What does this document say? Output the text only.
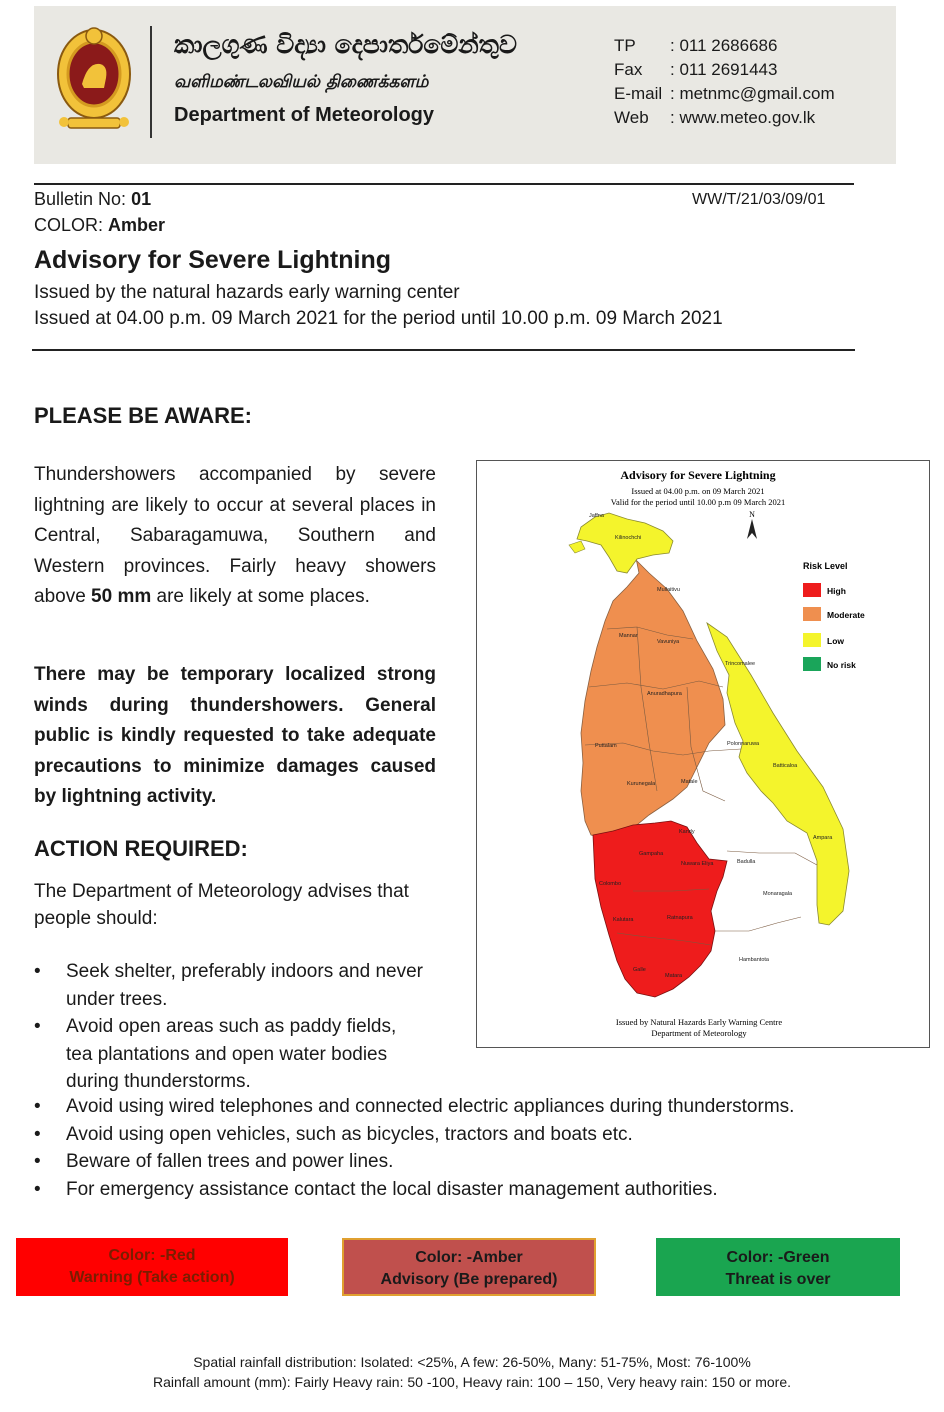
කාලගුණ විද්‍යා දෙපාර්තමේන්තුව
வளிமண்டலவியல் திணைக்களம்
Department of Meteorology
TP : 011 2686686
Fax : 011 2691443
E-mail : metnmc@gmail.com
Web : www.meteo.gov.lk
Bulletin No: 01
COLOR: Amber
WW/T/21/03/09/01
Advisory for Severe Lightning
Issued by the natural hazards early warning center
Issued at 04.00 p.m. 09 March 2021 for the period until 10.00 p.m. 09 March 2021
PLEASE BE AWARE:
Thundershowers accompanied by severe lightning are likely to occur at several places in Central, Sabaragamuwa, Southern and Western provinces. Fairly heavy showers above 50 mm are likely at some places.
There may be temporary localized strong winds during thundershowers. General public is kindly requested to take adequate precautions to minimize damages caused by lightning activity.
ACTION REQUIRED:
The Department of Meteorology advises that people should:
• Seek shelter, preferably indoors and never under trees.
• Avoid open areas such as paddy fields, tea plantations and open water bodies during thunderstorms.
• Avoid using wired telephones and connected electric appliances during thunderstorms.
• Avoid using open vehicles, such as bicycles, tractors and boats etc.
• Beware of fallen trees and power lines.
• For emergency assistance contact the local disaster management authorities.
Advisory for Severe Lightning
Issued at 04.00 p.m. on 09 March 2021
Valid for the period until 10.00 p.m 09 March 2021
N
Jaffna
Kilinochchi
Mullaitivu
Mannar
Vavuniya
Trincomalee
Anuradhapura
Puttalam	Polonnaruwa
Batticaloa
Kurunegala	Matale
Ampara
Kandy
Gampaha
Nuwara Eliya	Badulla
Colombo
Kalutara	Ratnapura
Monaragala
Hambantota
Galle
Matara
Risk Level
High
Moderate
Low
No risk
Issued by Natural Hazards Early Warning Centre
Department of Meteorology
Color: -Red
Warning (Take action)
Color: -Amber
Advisory (Be prepared)
Color: -Green
Threat is over
Spatial rainfall distribution: Isolated: <25%, A few: 26-50%, Many: 51-75%, Most: 76-100%
Rainfall amount (mm): Fairly Heavy rain: 50 -100, Heavy rain: 100 – 150, Very heavy rain: 150 or more.
